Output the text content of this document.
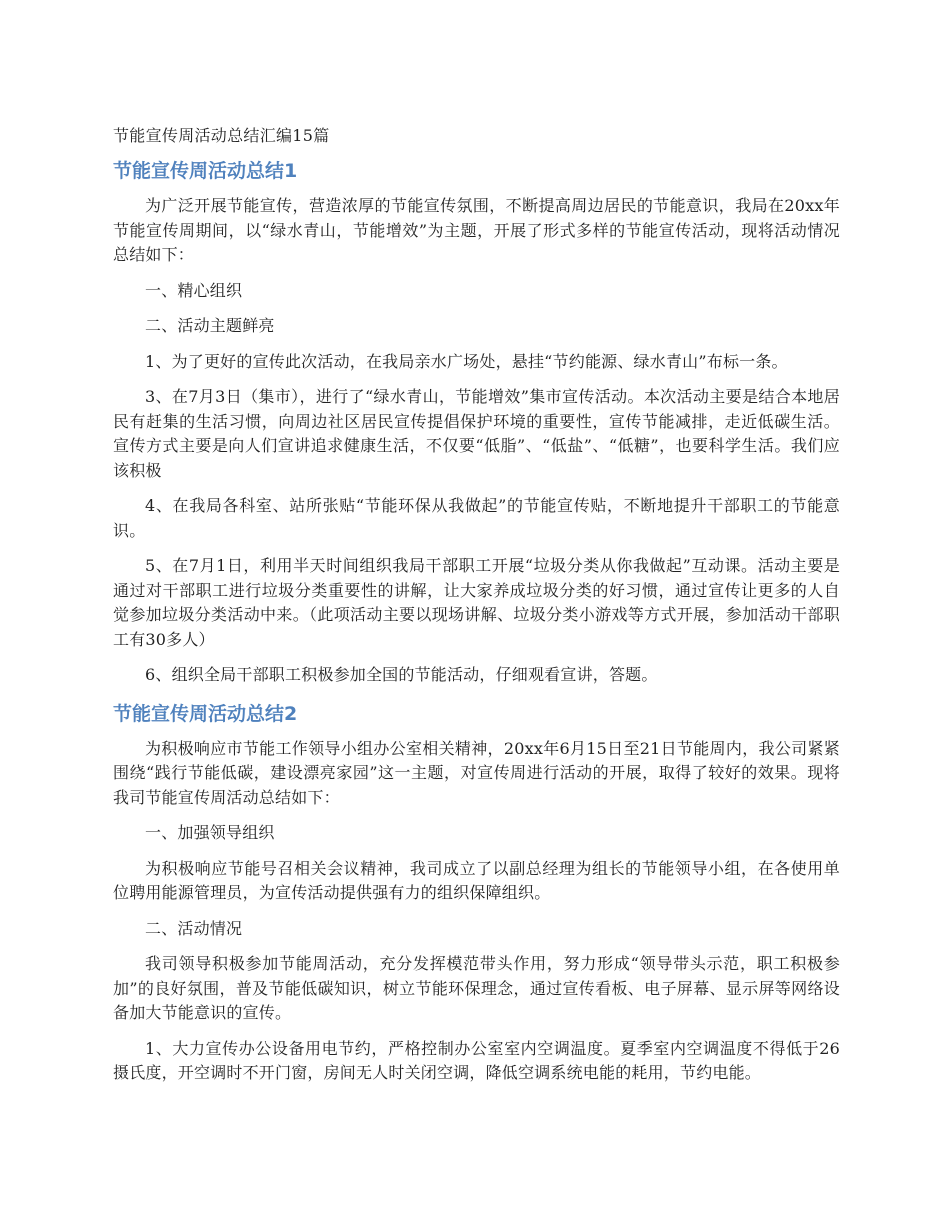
节能宣传周活动总结汇编15篇
节能宣传周活动总结1

为广泛开展节能宣传，营造浓厚的节能宣传氛围，不断提高周边居民的节能意识，我局在20xx年节能宣传周期间，以“绿水青山，节能增效”为主题，开展了形式多样的节能宣传活动，现将活动情况总结如下：

一、精心组织

二、活动主题鲜亮

1、为了更好的宣传此次活动，在我局亲水广场处，悬挂“节约能源、绿水青山”布标一条。

3、在7月3日（集市），进行了“绿水青山，节能增效”集市宣传活动。本次活动主要是结合本地居民有赶集的生活习惯，向周边社区居民宣传提倡保护环境的重要性，宣传节能减排，走近低碳生活。宣传方式主要是向人们宣讲追求健康生活，不仅要“低脂”、“低盐”、“低糖”，也要科学生活。我们应该积极

4、在我局各科室、站所张贴“节能环保从我做起”的节能宣传贴，不断地提升干部职工的节能意识。

5、在7月1日，利用半天时间组织我局干部职工开展“垃圾分类从你我做起”互动课。活动主要是通过对干部职工进行垃圾分类重要性的讲解，让大家养成垃圾分类的好习惯，通过宣传让更多的人自觉参加垃圾分类活动中来。（此项活动主要以现场讲解、垃圾分类小游戏等方式开展，参加活动干部职工有30多人）

6、组织全局干部职工积极参加全国的节能活动，仔细观看宣讲，答题。

节能宣传周活动总结2

为积极响应市节能工作领导小组办公室相关精神，20xx年6月15日至21日节能周内，我公司紧紧围绕“践行节能低碳，建设漂亮家园”这一主题，对宣传周进行活动的开展，取得了较好的效果。现将我司节能宣传周活动总结如下：

一、加强领导组织

为积极响应节能号召相关会议精神，我司成立了以副总经理为组长的节能领导小组，在各使用单位聘用能源管理员，为宣传活动提供强有力的组织保障组织。

二、活动情况

我司领导积极参加节能周活动，充分发挥模范带头作用，努力形成“领导带头示范，职工积极参加”的良好氛围，普及节能低碳知识，树立节能环保理念，通过宣传看板、电子屏幕、显示屏等网络设备加大节能意识的宣传。

1、大力宣传办公设备用电节约，严格控制办公室室内空调温度。夏季室内空调温度不得低于26摄氏度，开空调时不开门窗，房间无人时关闭空调，降低空调系统电能的耗用，节约电能。
